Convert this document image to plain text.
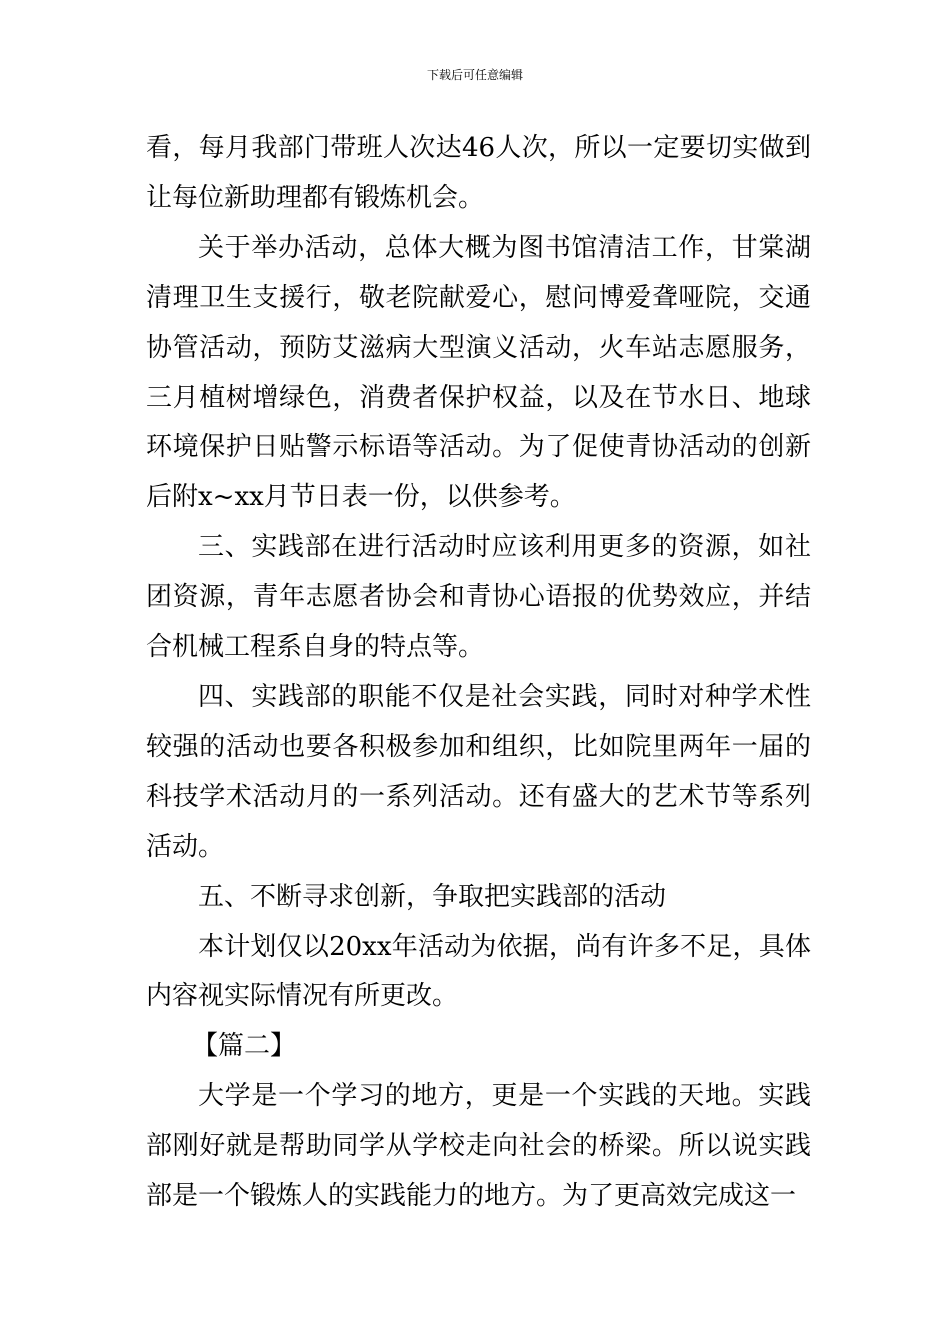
下载后可任意编辑

看，每月我部门带班人次达46人次，所以一定要切实做到让每位新助理都有锻炼机会。

关于举办活动，总体大概为图书馆清洁工作，甘棠湖清理卫生支援行，敬老院献爱心，慰问博爱聋哑院，交通协管活动，预防艾滋病大型演义活动，火车站志愿服务，三月植树增绿色，消费者保护权益，以及在节水日、地球环境保护日贴警示标语等活动。为了促使青协活动的创新后附x~xx月节日表一份，以供参考。

三、实践部在进行活动时应该利用更多的资源，如社团资源，青年志愿者协会和青协心语报的优势效应，并结合机械工程系自身的特点等。

四、实践部的职能不仅是社会实践，同时对种学术性较强的活动也要各积极参加和组织，比如院里两年一届的科技学术活动月的一系列活动。还有盛大的艺术节等系列活动。

五、不断寻求创新，争取把实践部的活动

本计划仅以20xx年活动为依据，尚有许多不足，具体内容视实际情况有所更改。

【篇二】

大学是一个学习的地方，更是一个实践的天地。实践部刚好就是帮助同学从学校走向社会的桥梁。所以说实践部是一个锻炼人的实践能力的地方。为了更高效完成这一
